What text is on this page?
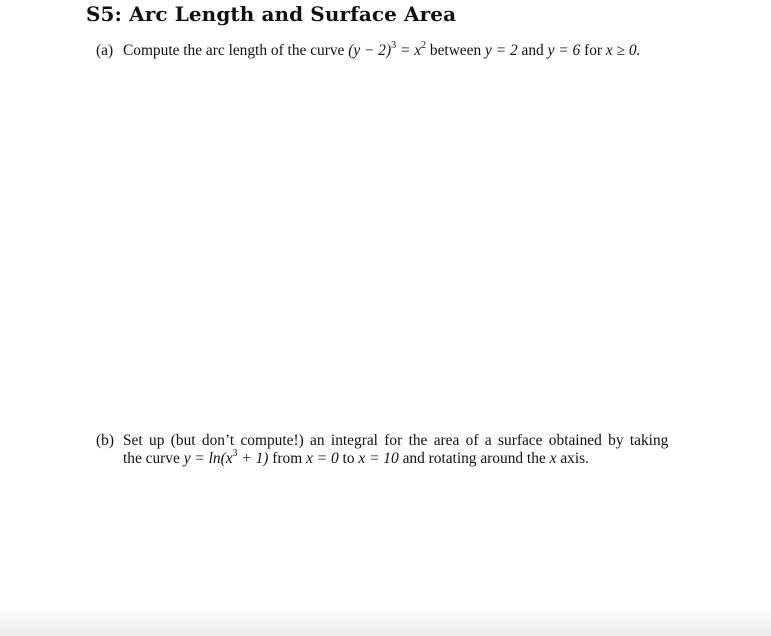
S5: Arc Length and Surface Area
(a) Compute the arc length of the curve $(y - 2)^3 = x^2$ between y = 2 and y = 6 for x ≥ 0.
(b) Set up (but don’t compute!) an integral for the area of a surface obtained by taking
the curve $y = \ln(x^3 + 1)$ from x = 0 to x = 10 and rotating around the x axis.
